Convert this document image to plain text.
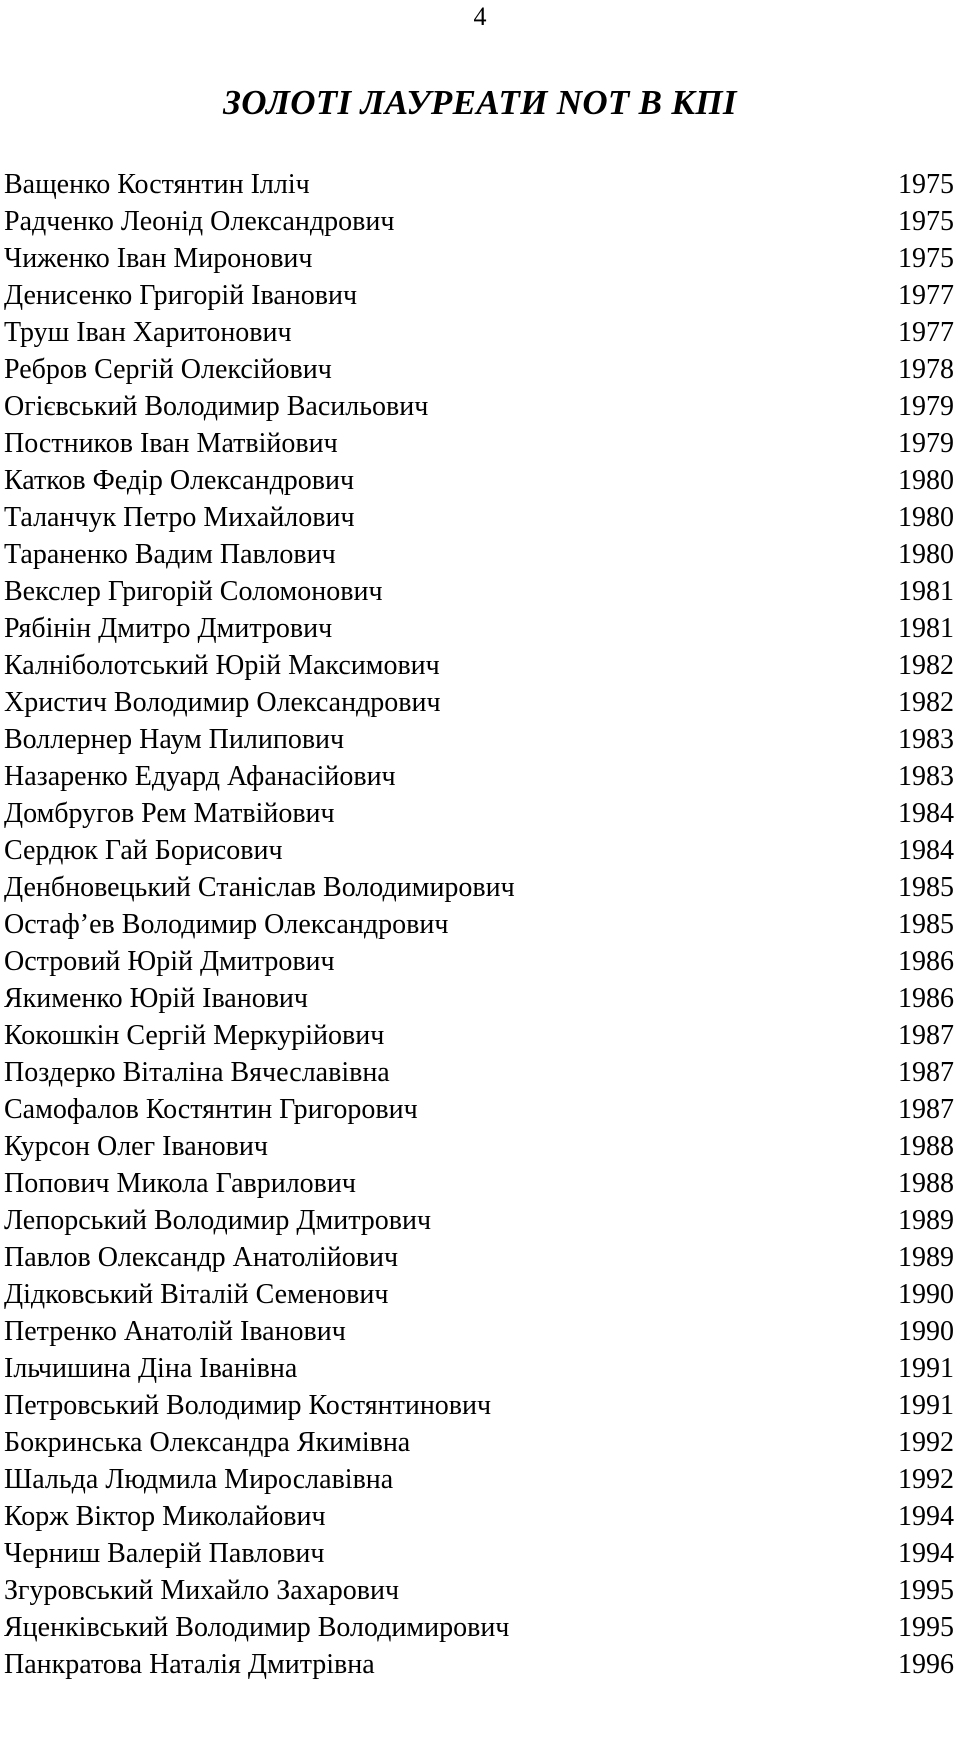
4
ЗОЛОТІ ЛАУРЕАТИ NOT В КПІ
Ващенко Костянтин Ілліч	1975
Радченко Леонід Олександрович	1975
Чиженко Іван Миронович	1975
Денисенко Григорій Іванович	1977
Труш Іван Харитонович	1977
Ребров Сергій Олексійович	1978
Огієвський Володимир Васильович	1979
Постников Іван Матвійович	1979
Катков Федір Олександрович	1980
Таланчук Петро Михайлович	1980
Тараненко Вадим Павлович	1980
Векслер Григорій Соломонович	1981
Рябінін Дмитро Дмитрович	1981
Калніболотський Юрій Максимович	1982
Христич Володимир Олександрович	1982
Воллернер Наум Пилипович	1983
Назаренко Едуард Афанасійович	1983
Домбругов Рем Матвійович	1984
Сердюк Гай Борисович	1984
Денбновецький Станіслав Володимирович	1985
Остаф’ев Володимир Олександрович	1985
Островий Юрій Дмитрович	1986
Якименко Юрій Іванович	1986
Кокошкін Сергій Меркурійович	1987
Поздерко Віталіна Вячеславівна	1987
Самофалов Костянтин Григорович	1987
Курсон Олег Іванович	1988
Попович Микола Гаврилович	1988
Лепорський Володимир Дмитрович	1989
Павлов Олександр Анатолійович	1989
Дідковський Віталій Семенович	1990
Петренко Анатолій Іванович	1990
Ільчишина Діна Іванівна	1991
Петровський Володимир Костянтинович	1991
Бокринська Олександра Якимівна	1992
Шальда Людмила Мирославівна	1992
Корж Віктор Миколайович	1994
Черниш Валерій Павлович	1994
Згуровський Михайло Захарович	1995
Яценківський Володимир Володимирович	1995
Панкратова Наталія Дмитрівна	1996
